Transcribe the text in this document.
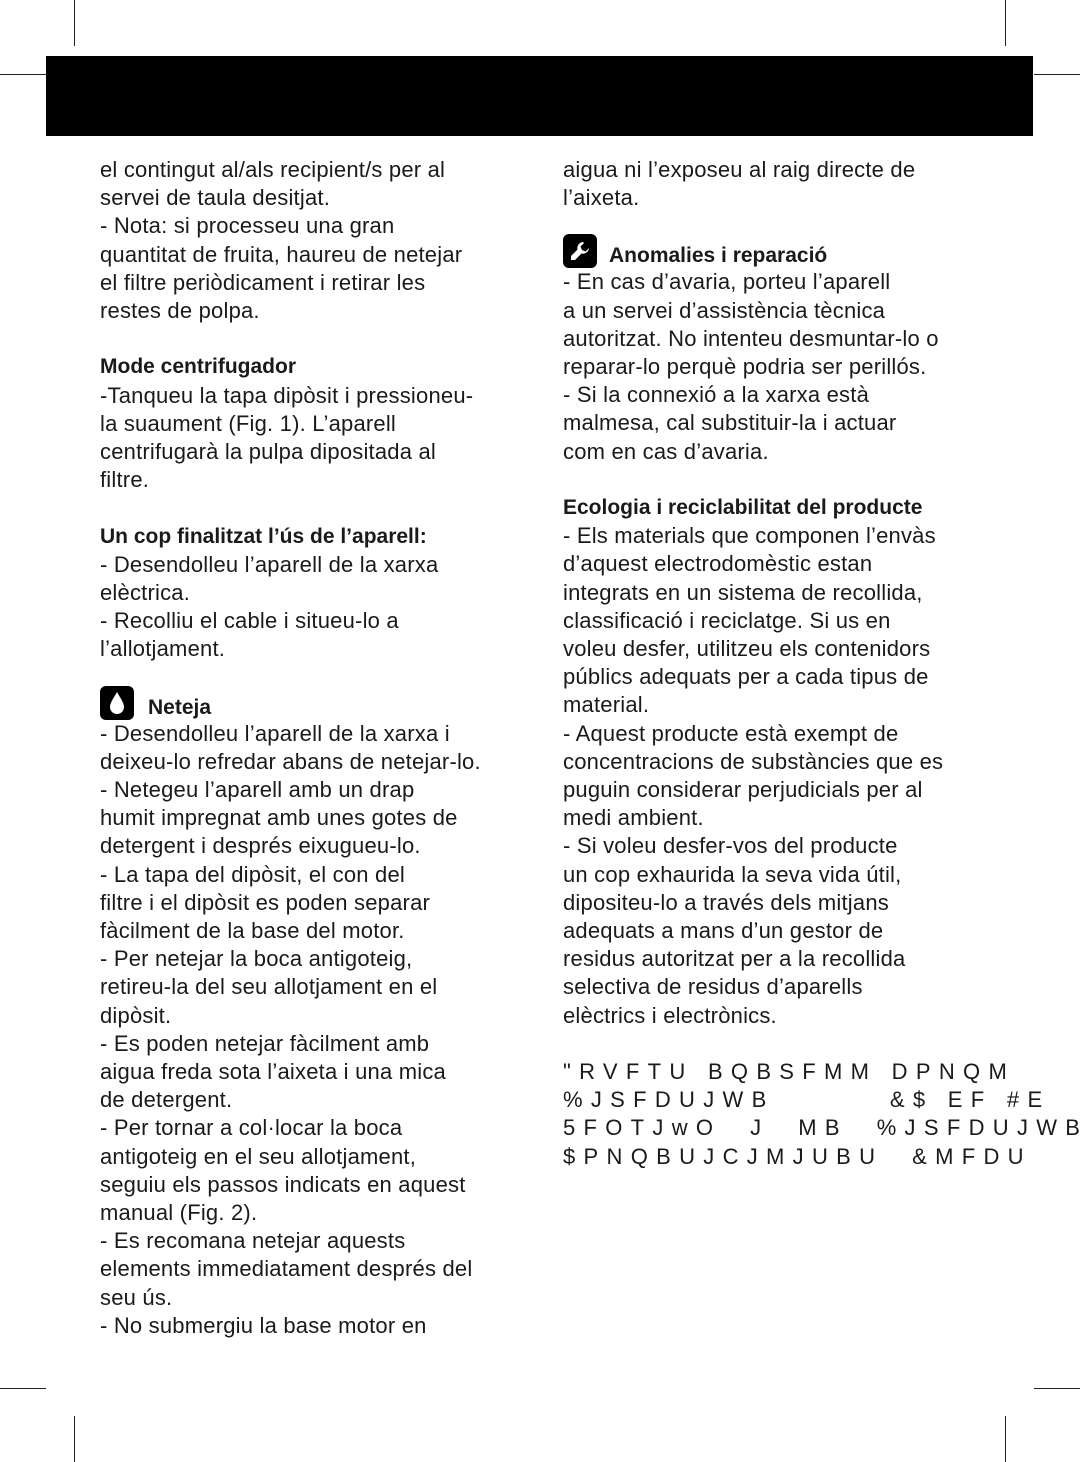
el contingut al/als recipient/s per al

servei de taula desitjat.

- Nota: si processeu una gran

quantitat de fruita, haureu de netejar

el filtre periòdicament i retirar les

restes de polpa.

Mode centrifugador

-Tanqueu la tapa dipòsit i pressioneu-

la suaument (Fig. 1). L’aparell

centrifugarà la pulpa dipositada al

filtre.

Un cop finalitzat l’ús de l’aparell:

- Desendolleu l’aparell de la xarxa

elèctrica.

- Recolliu el cable i situeu-lo a

l’allotjament.

Neteja

- Desendolleu l’aparell de la xarxa i

deixeu-lo refredar abans de netejar-lo.

- Netegeu l’aparell amb un drap

humit impregnat amb unes gotes de

detergent i després eixugueu-lo.

- La tapa del dipòsit, el con del

filtre i el dipòsit es poden separar

fàcilment de la base del motor.

- Per netejar la boca antigoteig,

retireu-la del seu allotjament en el

dipòsit.

- Es poden netejar fàcilment amb

aigua freda sota l’aixeta i una mica

de detergent.

- Per tornar a col·locar la boca

antigoteig en el seu allotjament,

seguiu els passos indicats en aquest

manual (Fig. 2).

- Es recomana netejar aquests

elements immediatament després del

seu ús.

- No submergiu la base motor en

aigua ni l’exposeu al raig directe de

l’aixeta.

Anomalies i reparació

- En cas d’avaria, porteu l’aparell

a un servei d’assistència tècnica

autoritzat. No intenteu desmuntar-lo o

reparar-lo perquè podria ser perillós.

- Si la connexió a la xarxa està

malmesa, cal substituir-la i actuar

com en cas d’avaria.

Ecologia i reciclabilitat del producte

- Els materials que componen l’envàs

d’aquest electrodomèstic estan

integrats en un sistema de recollida,

classificació i reciclatge. Si us en

voleu desfer, utilitzeu els contenidors

públics adequats per a cada tipus de

material.

- Aquest producte està exempt de

concentracions de substàncies que es

puguin considerar perjudicials per al

medi ambient.

- Si voleu desfer-vos del producte

un cop exhaurida la seva vida útil,

dipositeu-lo a través dels mitjans

adequats a mans d’un gestor de

residus autoritzat per a la recollida

selectiva de residus d’aparells

elèctrics i electrònics.

"RVFTU BQBSFMM DPNQM

%JSFDUJWB        &$ EF #E

5FOTJwO  J  MB  %JSFDUJWB

$PNQBUJCJMJUBU  &MFDU
